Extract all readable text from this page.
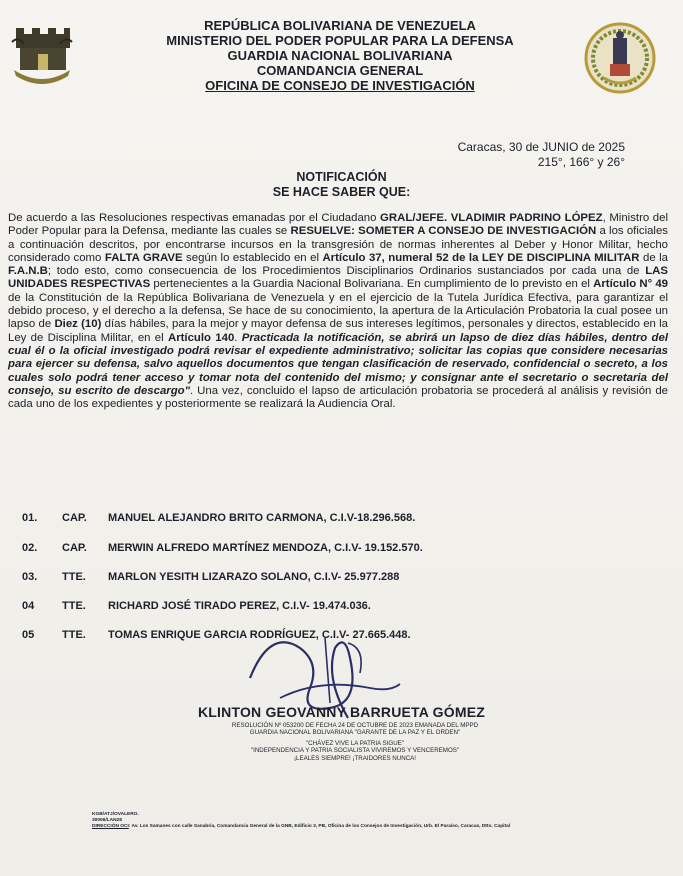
REPÚBLICA BOLIVARIANA DE VENEZUELA
MINISTERIO DEL PODER POPULAR PARA LA DEFENSA
GUARDIA NACIONAL BOLIVARIANA
COMANDANCIA GENERAL
OFICINA DE CONSEJO DE INVESTIGACIÓN
Caracas, 30 de JUNIO de 2025
215°, 166° y 26°
NOTIFICACIÓN
SE HACE SABER QUE:
De acuerdo a las Resoluciones respectivas emanadas por el Ciudadano GRAL/JEFE. VLADIMIR PADRINO LÓPEZ, Ministro del Poder Popular para la Defensa, mediante las cuales se RESUELVE: SOMETER A CONSEJO DE INVESTIGACIÓN a los oficiales a continuación descritos, por encontrarse incursos en la transgresión de normas inherentes al Deber y Honor Militar, hecho considerado como FALTA GRAVE según lo establecido en el Artículo 37, numeral 52 de la LEY DE DISCIPLINA MILITAR de la F.A.N.B; todo esto, como consecuencia de los Procedimientos Disciplinarios Ordinarios sustanciados por cada una de LAS UNIDADES RESPECTIVAS pertenecientes a la Guardia Nacional Bolivariana. En cumplimiento de lo previsto en el Artículo N° 49 de la Constitución de la República Bolivariana de Venezuela y en el ejercicio de la Tutela Jurídica Efectiva, para garantizar el debido proceso, y el derecho a la defensa, Se hace de su conocimiento, la apertura de la Articulación Probatoria la cual posee un lapso de Diez (10) días hábiles, para la mejor y mayor defensa de sus intereses legítimos, personales y directos, establecido en la Ley de Disciplina Militar, en el Artículo 140. Practicada la notificación, se abrirá un lapso de diez días hábiles, dentro del cual él o la oficial investigado podrá revisar el expediente administrativo; solicitar las copias que considere necesarias para ejercer su defensa, salvo aquellos documentos que tengan clasificación de reservado, confidencial o secreto, a los cuales solo podrá tener acceso y tomar nota del contenido del mismo; y consignar ante el secretario o secretaria del consejo, su escrito de descargo". Una vez, concluido el lapso de articulación probatoria se procederá al análisis y revisión de cada uno de los expedientes y posteriormente se realizará la Audiencia Oral.
01. CAP. MANUEL ALEJANDRO BRITO CARMONA, C.I.V-18.296.568.
02. CAP. MERWIN ALFREDO MARTÍNEZ MENDOZA, C.I.V- 19.152.570.
03. TTE. MARLON YESITH LIZARAZO SOLANO, C.I.V- 25.977.288
04	TTE. RICHARD JOSÉ TIRADO PEREZ, C.I.V- 19.474.036.
05	TTE. TOMAS ENRIQUE GARCIA RODRÍGUEZ, C.I.V- 27.665.448.
KLINTON GEOVANNY BARRUETA GÓMEZ
RESOLUCIÓN Nº 053200 DE FECHA 24 DE OCTUBRE DE 2023 EMANADA DEL MPPD
GUARDIA NACIONAL BOLIVARIANA "GARANTE DE LA PAZ Y EL ORDEN"
"CHÁVEZ VIVE LA PATRIA SIGUE"
"INDEPENDENCIA Y PATRIA SOCIALISTA VIVIREMOS Y VENCEREMOS"
¡LEALES SIEMPRE! ¡TRAIDORES NUNCA!
KGB/ATJ/OVALERO.
30006/LAN28
DIRECCIÓN OCI: Av. Los Samanes con calle Sanabria, Comandancia General de la GNB, Edificio 3, PB, Oficina de los Consejos de Investigación, Urb. El Paraíso, Caracas, Dtto. Capital
